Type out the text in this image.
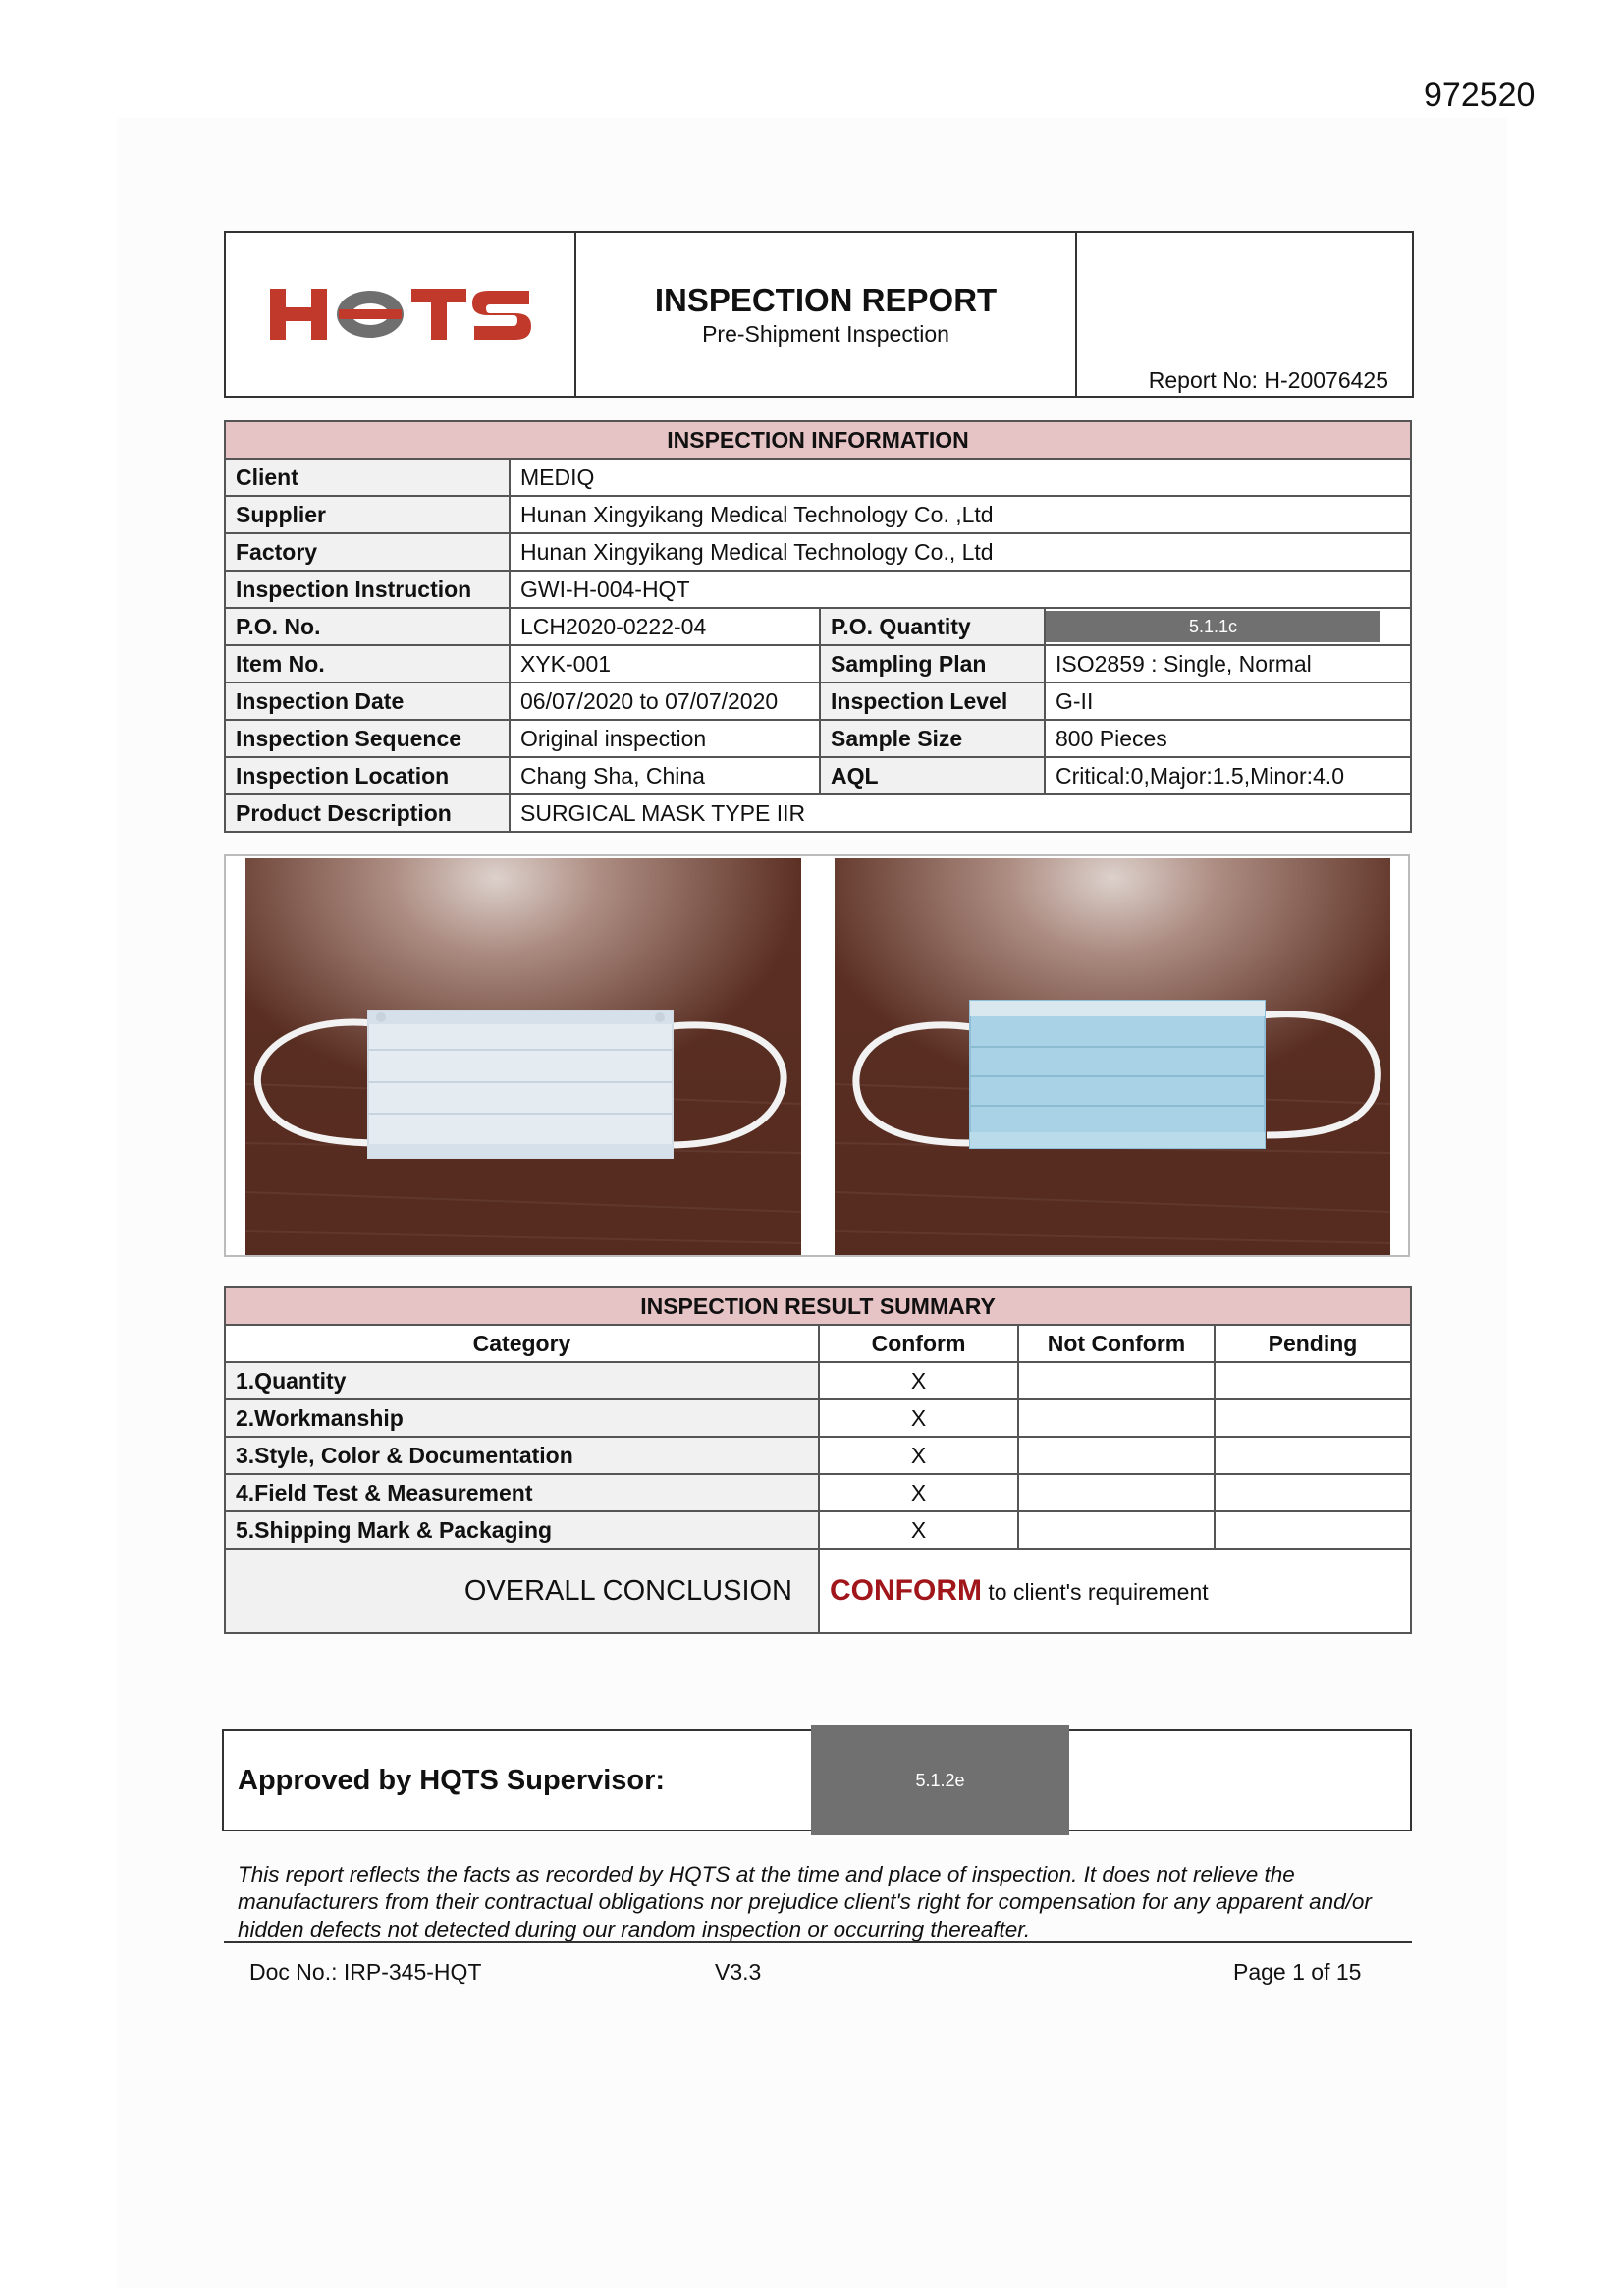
972520
INSPECTION REPORT
Pre-Shipment Inspection
Report No: H-20076425
INSPECTION INFORMATION			
Client	MEDIQ		
Supplier	Hunan Xingyikang Medical Technology Co. ,Ltd		
Factory	Hunan Xingyikang Medical Technology Co., Ltd		
Inspection Instruction	GWI-H-004-HQT		
P.O. No.	LCH2020-0222-04	P.O. Quantity	5.1.1c

Item No.	XYK-001	Sampling Plan	ISO2859 : Single, Normal
Inspection Date	06/07/2020 to 07/07/2020	Inspection Level	G-II
Inspection Sequence	Original inspection	Sample Size	800 Pieces
Inspection Location	Chang Sha, China	AQL	Critical:0,Major:1.5,Minor:4.0
Product Description	SURGICAL MASK TYPE IIR		
INSPECTION RESULT SUMMARY			
Category	Conform	Not Conform	Pending
1.Quantity	X		
2.Workmanship	X		
3.Style, Color & Documentation	X		
4.Field Test & Measurement	X		
5.Shipping Mark & Packaging	X		
OVERALL CONCLUSION	CONFORM to client's requirement		
Approved by HQTS Supervisor:	5.1.2e
This report reflects the facts as recorded by HQTS at the time and place of inspection. It does not relieve the manufacturers from their contractual obligations nor prejudice client's right for compensation for any apparent and/or hidden defects not detected during our random inspection or occurring thereafter.
Doc No.: IRP-345-HQT	V3.3	Page 1 of 15
